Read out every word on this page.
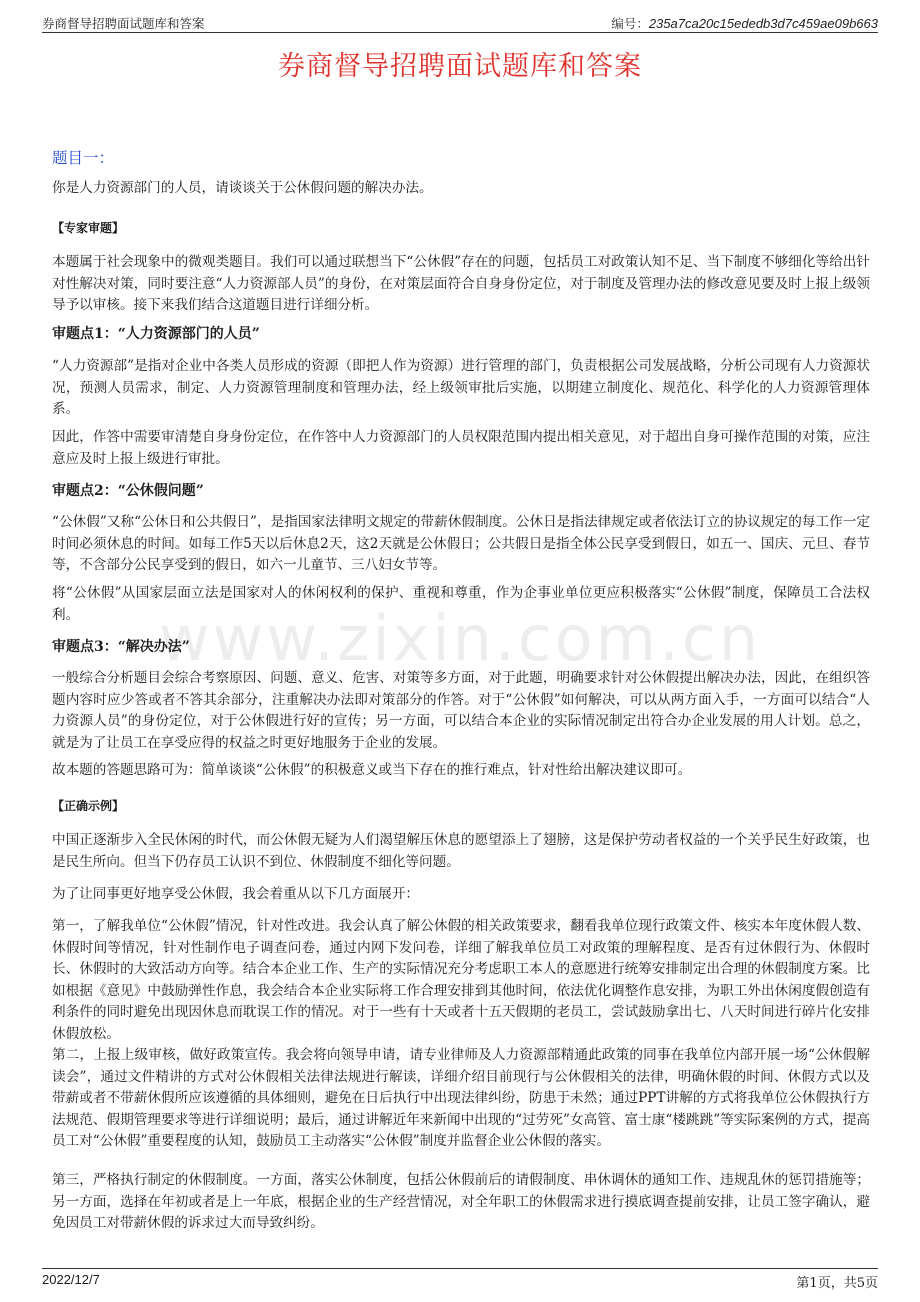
券商督导招聘面试题库和答案	编号：235a7ca20c15ededb3d7c459ae09b663
券商督导招聘面试题库和答案
www.zixin.com.cn
题目一：
你是人力资源部门的人员，请谈谈关于公休假问题的解决办法。
【专家审题】
本题属于社会现象中的微观类题目。我们可以通过联想当下“公休假”存在的问题，包括员工对政策认知不足、当下制度不够细化等给出针对性解决对策，同时要注意“人力资源部人员”的身份，在对策层面符合自身身份定位，对于制度及管理办法的修改意见要及时上报上级领导予以审核。接下来我们结合这道题目进行详细分析。
审题点1：“人力资源部门的人员”
“人力资源部”是指对企业中各类人员形成的资源（即把人作为资源）进行管理的部门，负责根据公司发展战略，分析公司现有人力资源状况，预测人员需求，制定、人力资源管理制度和管理办法，经上级领审批后实施，以期建立制度化、规范化、科学化的人力资源管理体系。
因此，作答中需要审清楚自身身份定位，在作答中人力资源部门的人员权限范围内提出相关意见，对于超出自身可操作范围的对策，应注意应及时上报上级进行审批。
审题点2：“公休假问题”
“公休假”又称“公休日和公共假日”，是指国家法律明文规定的带薪休假制度。公休日是指法律规定或者依法订立的协议规定的每工作一定时间必须休息的时间。如每工作5天以后休息2天，这2天就是公休假日；公共假日是指全体公民享受到假日，如五一、国庆、元旦、春节等，不含部分公民享受到的假日，如六一儿童节、三八妇女节等。
将“公休假”从国家层面立法是国家对人的休闲权利的保护、重视和尊重，作为企事业单位更应积极落实“公休假”制度，保障员工合法权利。
审题点3：“解决办法”
一般综合分析题目会综合考察原因、问题、意义、危害、对策等多方面，对于此题，明确要求针对公休假提出解决办法，因此，在组织答题内容时应少答或者不答其余部分，注重解决办法即对策部分的作答。对于“公休假”如何解决，可以从两方面入手，一方面可以结合“人力资源人员”的身份定位，对于公休假进行好的宣传；另一方面，可以结合本企业的实际情况制定出符合办企业发展的用人计划。总之，就是为了让员工在享受应得的权益之时更好地服务于企业的发展。
故本题的答题思路可为：简单谈谈“公休假”的积极意义或当下存在的推行难点，针对性给出解决建议即可。
【正确示例】
中国正逐渐步入全民休闲的时代，而公休假无疑为人们渴望解压休息的愿望添上了翅膀，这是保护劳动者权益的一个关乎民生好政策，也是民生所向。但当下仍存员工认识不到位、休假制度不细化等问题。
为了让同事更好地享受公休假，我会着重从以下几方面展开：
第一，了解我单位“公休假”情况，针对性改进。我会认真了解公休假的相关政策要求，翻看我单位现行政策文件、核实本年度休假人数、休假时间等情况，针对性制作电子调查问卷，通过内网下发问卷，详细了解我单位员工对政策的理解程度、是否有过休假行为、休假时长、休假时的大致活动方向等。结合本企业工作、生产的实际情况充分考虑职工本人的意愿进行统筹安排制定出合理的休假制度方案。比如根据《意见》中鼓励弹性作息，我会结合本企业实际将工作合理安排到其他时间，依法优化调整作息安排，为职工外出休闲度假创造有利条件的同时避免出现因休息而耽误工作的情况。对于一些有十天或者十五天假期的老员工，尝试鼓励拿出七、八天时间进行碎片化安排休假放松。
第二，上报上级审核，做好政策宣传。我会将向领导申请，请专业律师及人力资源部精通此政策的同事在我单位内部开展一场“公休假解读会”，通过文件精讲的方式对公休假相关法律法规进行解读，详细介绍目前现行与公休假相关的法律，明确休假的时间、休假方式以及带薪或者不带薪休假所应该遵循的具体细则，避免在日后执行中出现法律纠纷，防患于未然；通过PPT讲解的方式将我单位公休假执行方法规范、假期管理要求等进行详细说明；最后，通过讲解近年来新闻中出现的“过劳死”女高管、富士康“楼跳跳”等实际案例的方式，提高员工对“公休假”重要程度的认知，鼓励员工主动落实“公休假”制度并监督企业公休假的落实。
第三，严格执行制定的休假制度。一方面，落实公休制度，包括公休假前后的请假制度、串休调休的通知工作、违规乱休的惩罚措施等；另一方面，选择在年初或者是上一年底，根据企业的生产经营情况，对全年职工的休假需求进行摸底调查提前安排，让员工签字确认，避免因员工对带薪休假的诉求过大而导致纠纷。
2022/12/7	第1页，共5页
